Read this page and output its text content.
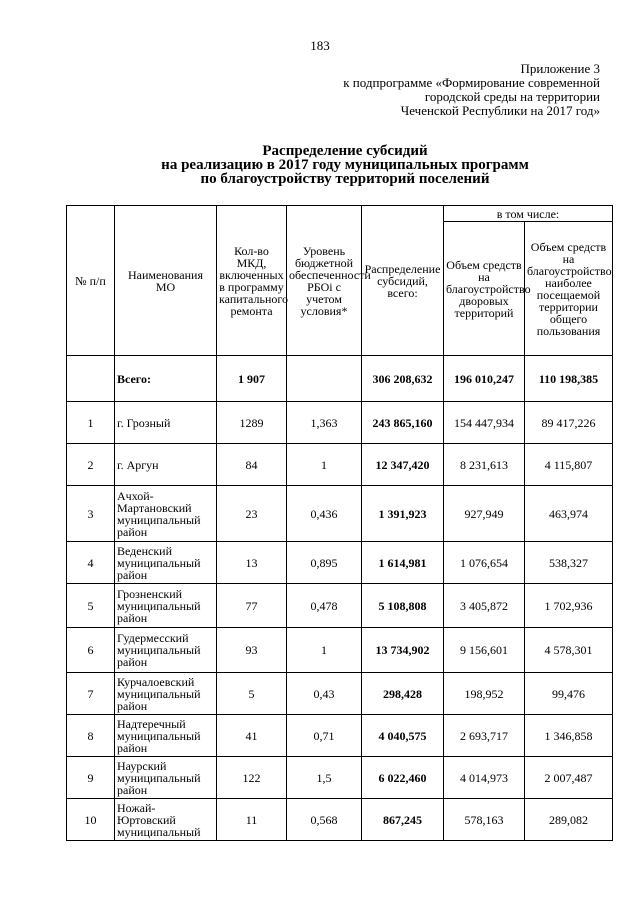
183
Приложение 3
к подпрограмме «Формирование современной
городской среды на территории
Чеченской Республики на 2017 год»
Распределение субсидий
на реализацию в 2017 году муниципальных программ
по благоустройству территорий поселений
№ п/п	Наименования МО	Кол-во МКД, включенных в программу капитального ремонта	Уровень бюджетной обеспеченности РБОi с учетом условия*	Распределение субсидий, всего:	в том числе:	
					Объем средств на благоустройство дворовых территорий	Объем средств на благоустройство наиболее посещаемой территории общего пользования
	Всего:	1 907		306 208,632	196 010,247	110 198,385
1	г. Грозный	1289	1,363	243 865,160	154 447,934	89 417,226
2	г. Аргун	84	1	12 347,420	8 231,613	4 115,807
3	Ачхой-Мартановский муниципальный район	23	0,436	1 391,923	927,949	463,974
4	Веденский муниципальный район	13	0,895	1 614,981	1 076,654	538,327
5	Грозненский муниципальный район	77	0,478	5 108,808	3 405,872	1 702,936
6	Гудермесский муниципальный район	93	1	13 734,902	9 156,601	4 578,301
7	Курчалоевский муниципальный район	5	0,43	298,428	198,952	99,476
8	Надтеречный муниципальный район	41	0,71	4 040,575	2 693,717	1 346,858
9	Наурский муниципальный район	122	1,5	6 022,460	4 014,973	2 007,487
10	Ножай-Юртовский муниципальный	11	0,568	867,245	578,163	289,082
